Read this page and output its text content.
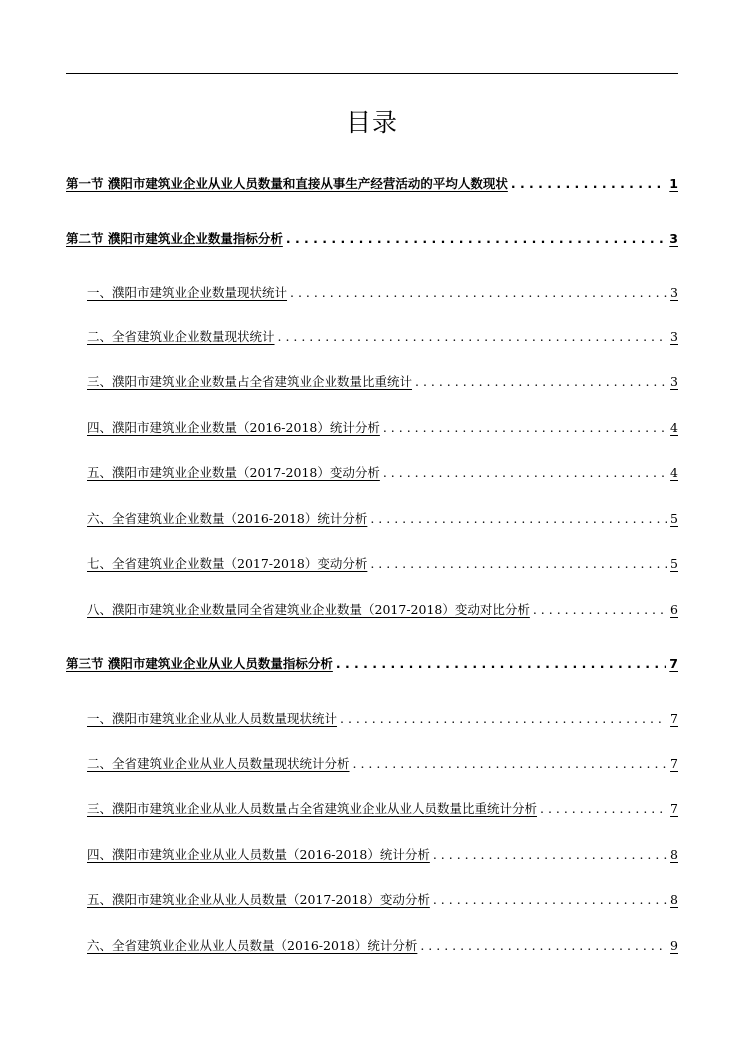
目录
第一节 濮阳市建筑业企业从业人员数量和直接从事生产经营活动的平均人数现状 . . .	1
第二节 濮阳市建筑业企业数量指标分析 . . .	3
一、濮阳市建筑业企业数量现状统计 . . .	3
二、全省建筑业企业数量现状统计 . . .	3
三、濮阳市建筑业企业数量占全省建筑业企业数量比重统计 . . .	3
四、濮阳市建筑业企业数量（2016-2018）统计分析 . . .	4
五、濮阳市建筑业企业数量（2017-2018）变动分析 . . .	4
六、全省建筑业企业数量（2016-2018）统计分析 . . .	5
七、全省建筑业企业数量（2017-2018）变动分析 . . .	5
八、濮阳市建筑业企业数量同全省建筑业企业数量（2017-2018）变动对比分析 . . .	6
第三节 濮阳市建筑业企业从业人员数量指标分析 . . .	7
一、濮阳市建筑业企业从业人员数量现状统计 . . .	7
二、全省建筑业企业从业人员数量现状统计分析 . . .	7
三、濮阳市建筑业企业从业人员数量占全省建筑业企业从业人员数量比重统计分析 . . .	7
四、濮阳市建筑业企业从业人员数量（2016-2018）统计分析 . . .	8
五、濮阳市建筑业企业从业人员数量（2017-2018）变动分析 . . .	8
六、全省建筑业企业从业人员数量（2016-2018）统计分析 . . .	9
